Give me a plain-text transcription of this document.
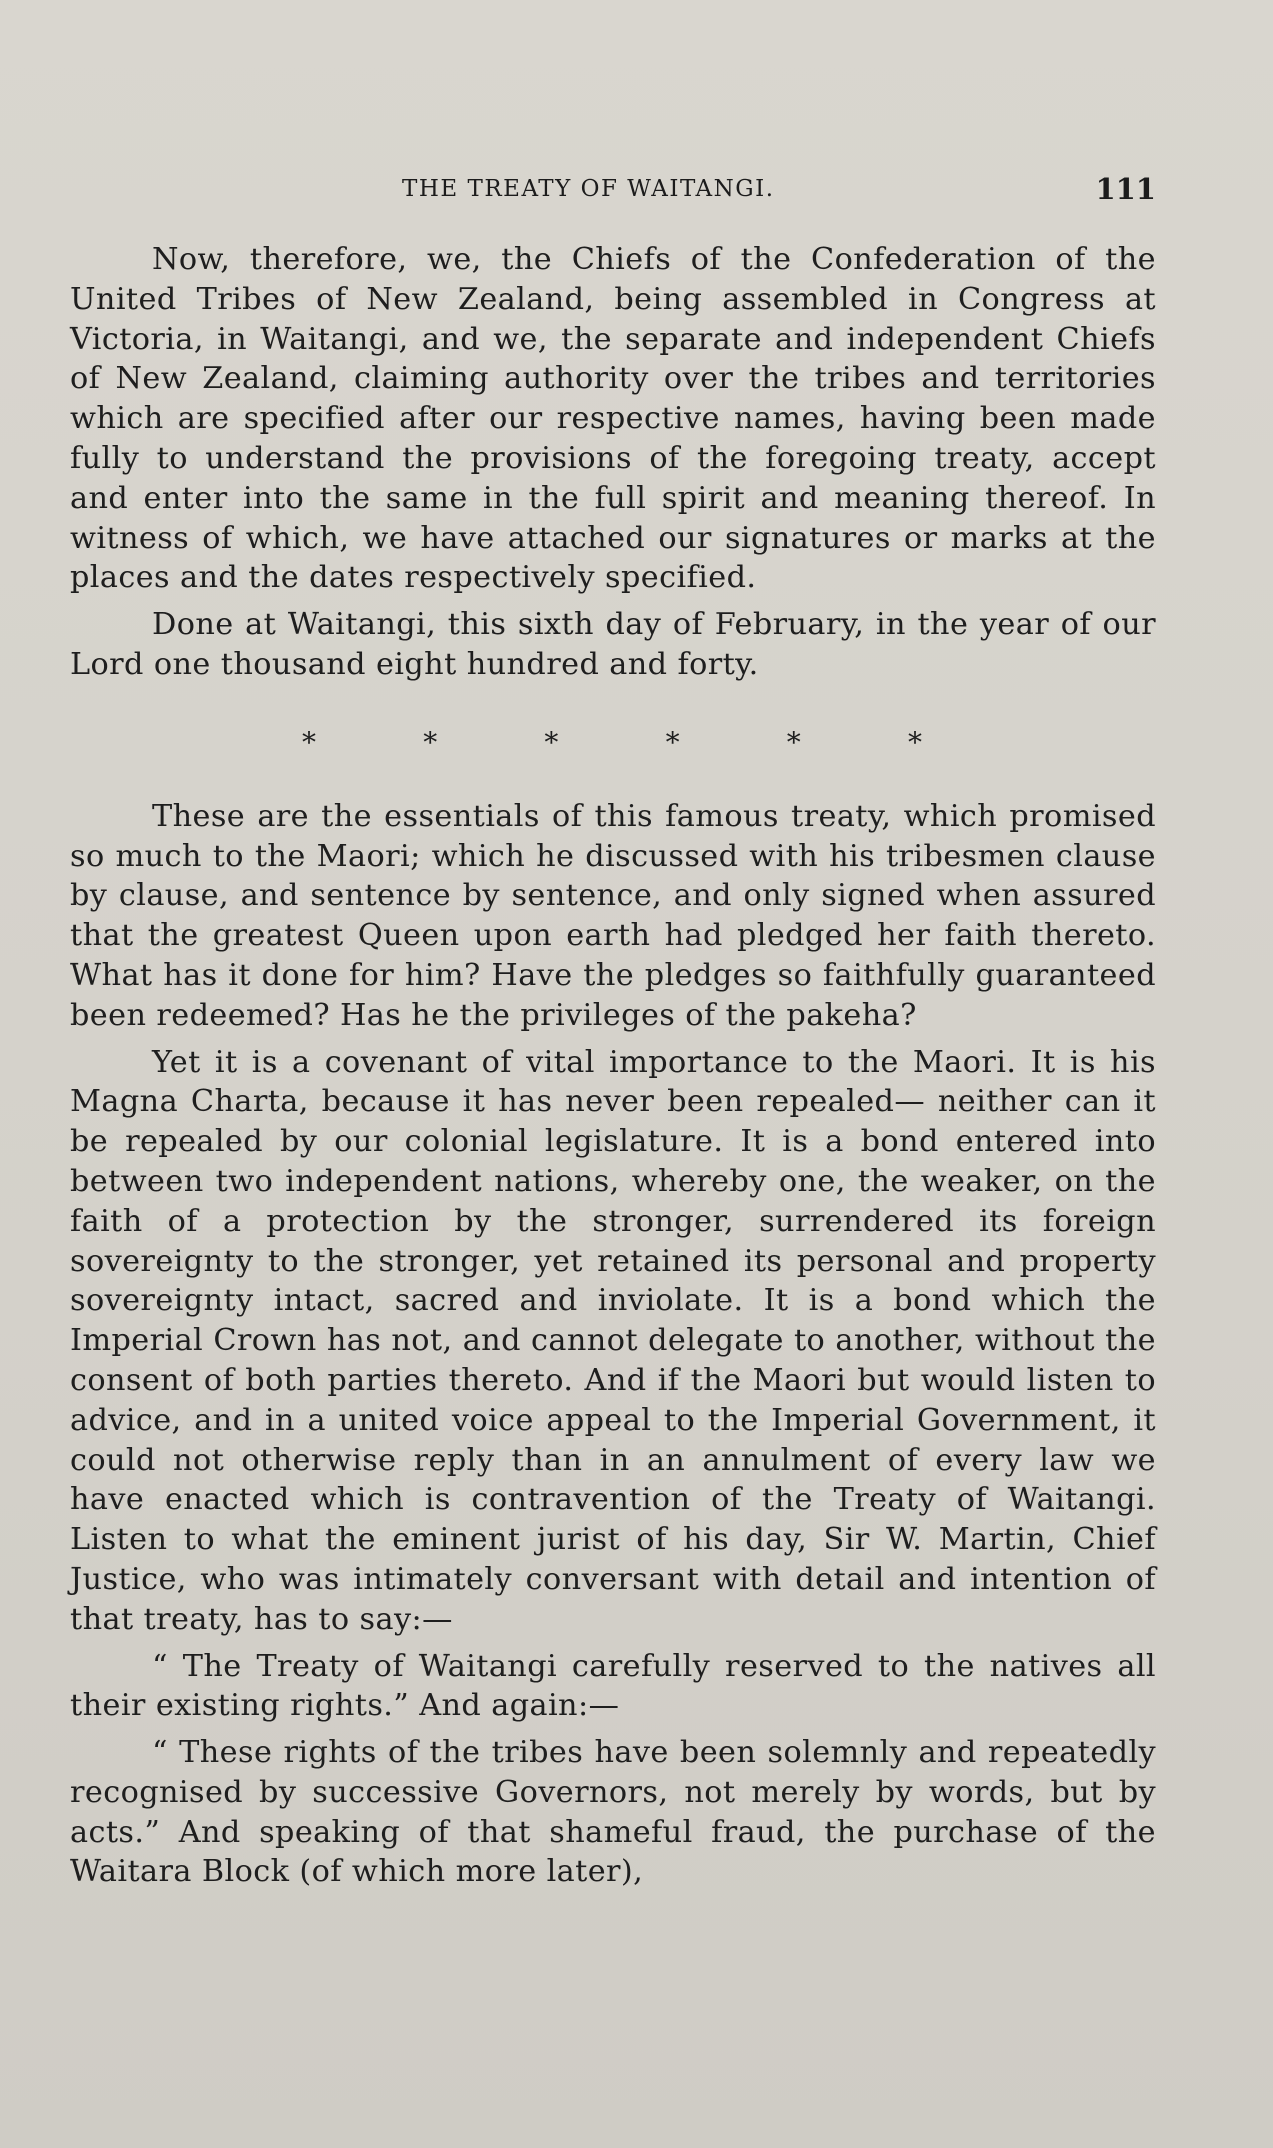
THE TREATY OF WAITANGI.	111

Now, therefore, we, the Chiefs of the Confederation of the United Tribes of New Zealand, being assembled in Congress at Victoria, in Waitangi, and we, the separate and independent Chiefs of New Zealand, claiming authority over the tribes and territories which are specified after our respective names, having been made fully to understand the provisions of the foregoing treaty, accept and enter into the same in the full spirit and meaning thereof. In witness of which, we have attached our signatures or marks at the places and the dates respectively specified.

Done at Waitangi, this sixth day of February, in the year of our Lord one thousand eight hundred and forty.

*	*	*	*	*	*

These are the essentials of this famous treaty, which promised so much to the Maori; which he discussed with his tribesmen clause by clause, and sentence by sentence, and only signed when assured that the greatest Queen upon earth had pledged her faith thereto. What has it done for him? Have the pledges so faithfully guaranteed been redeemed? Has he the privileges of the pakeha?

Yet it is a covenant of vital importance to the Maori. It is his Magna Charta, because it has never been repealed— neither can it be repealed by our colonial legislature. It is a bond entered into between two independent nations, whereby one, the weaker, on the faith of a protection by the stronger, surrendered its foreign sovereignty to the stronger, yet retained its personal and property sovereignty intact, sacred and inviolate. It is a bond which the Imperial Crown has not, and cannot delegate to another, without the consent of both parties thereto. And if the Maori but would listen to advice, and in a united voice appeal to the Imperial Government, it could not otherwise reply than in an annulment of every law we have enacted which is contravention of the Treaty of Waitangi. Listen to what the eminent jurist of his day, Sir W. Martin, Chief Justice, who was intimately conversant with detail and intention of that treaty, has to say:—

“ The Treaty of Waitangi carefully reserved to the natives all their existing rights.” And again:—

“ These rights of the tribes have been solemnly and repeatedly recognised by successive Governors, not merely by words, but by acts.” And speaking of that shameful fraud, the purchase of the Waitara Block (of which more later),
